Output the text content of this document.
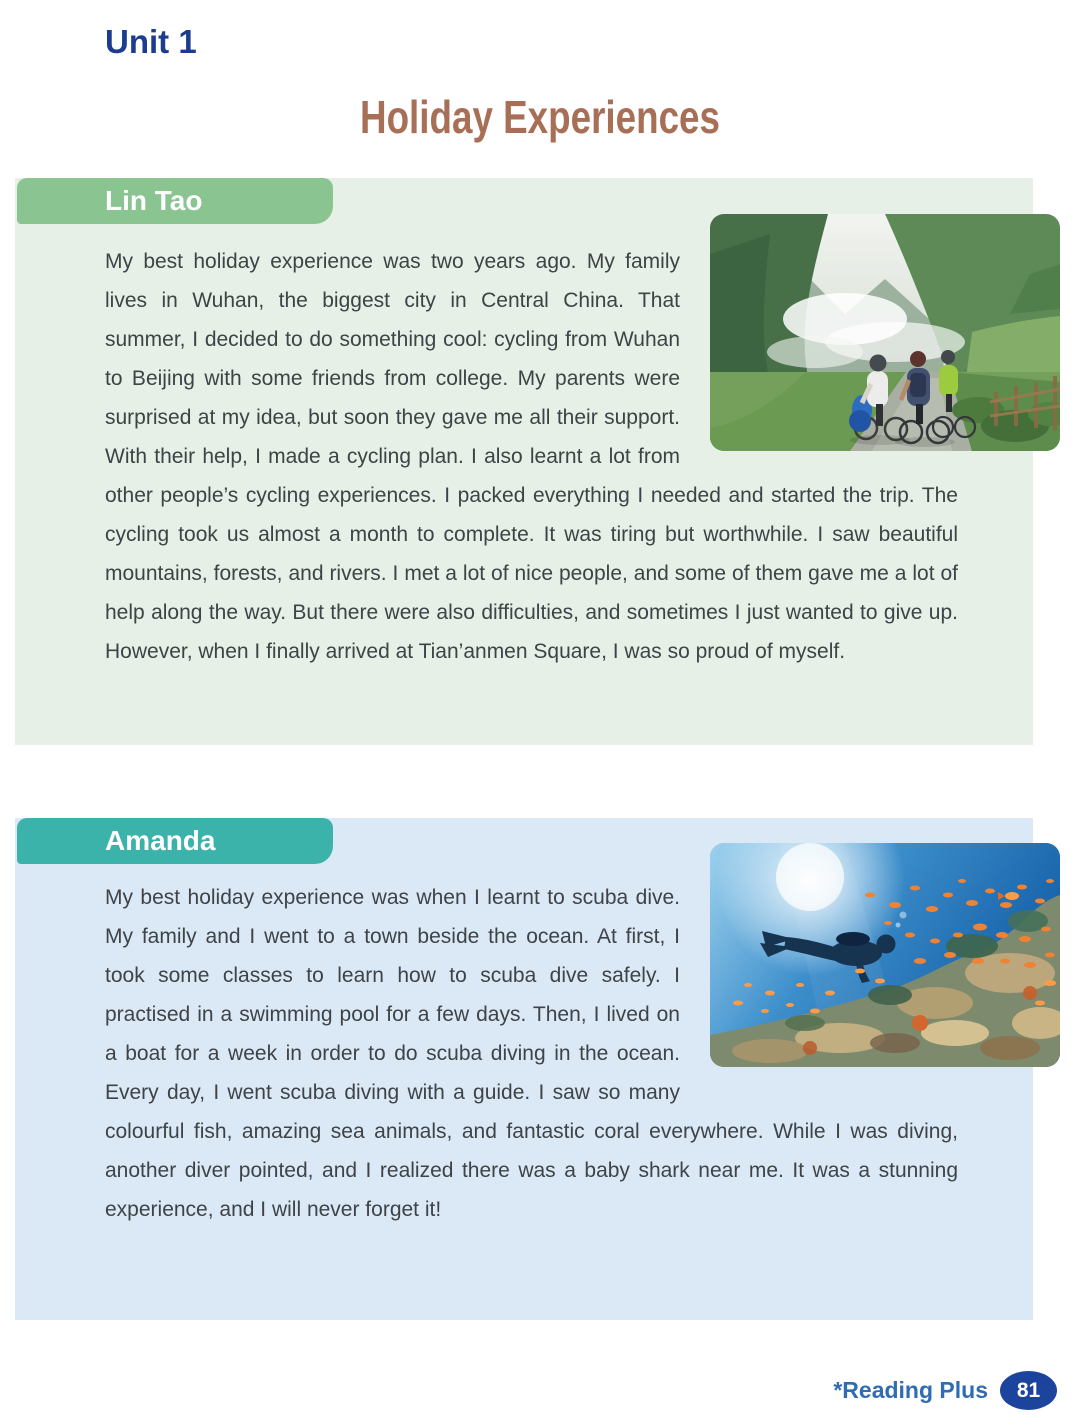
Unit 1
Holiday Experiences
Lin Tao

My best holiday experience was two years ago. My family lives in Wuhan, the biggest city in Central China. That summer, I decided to do something cool: cycling from Wuhan to Beijing with some friends from college. My parents were surprised at my idea, but soon they gave me all their support. With their help, I made a cycling plan. I also learnt a lot from other people’s cycling experiences. I packed everything I needed and started the trip. The cycling took us almost a month to complete. It was tiring but worthwhile. I saw beautiful mountains, forests, and rivers. I met a lot of nice people, and some of them gave me a lot of help along the way. But there were also difficulties, and sometimes I just wanted to give up. However, when I finally arrived at Tian’anmen Square, I was so proud of myself.

Amanda

My best holiday experience was when I learnt to scuba dive. My family and I went to a town beside the ocean. At first, I took some classes to learn how to scuba dive safely. I practised in a swimming pool for a few days. Then, I lived on a boat for a week in order to do scuba diving in the ocean. Every day, I went scuba diving with a guide. I saw so many colourful fish, amazing sea animals, and fantastic coral everywhere. While I was diving, another diver pointed, and I realized there was a baby shark near me. It was a stunning experience, and I will never forget it!

*Reading Plus	81
